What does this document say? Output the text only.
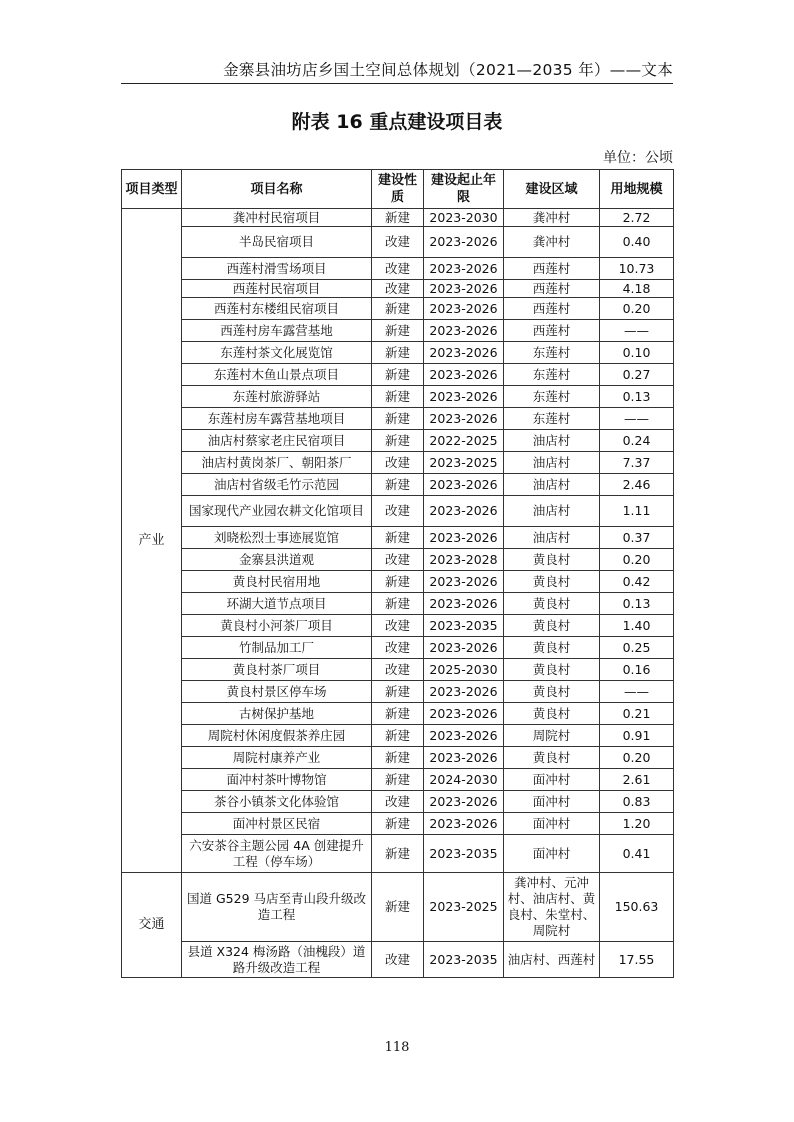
金寨县油坊店乡国土空间总体规划（2021—2035 年）——文本
附表 16 重点建设项目表
单位：公顷
项目类型	项目名称	建设性质	建设起止年限	建设区域	用地规模
产业	龚冲村民宿项目	新建	2023-2030	龚冲村	2.72
	半岛民宿项目	改建	2023-2026	龚冲村	0.40
	西莲村滑雪场项目	改建	2023-2026	西莲村	10.73
	西莲村民宿项目	改建	2023-2026	西莲村	4.18
	西莲村东楼组民宿项目	新建	2023-2026	西莲村	0.20
	西莲村房车露营基地	新建	2023-2026	西莲村	——
	东莲村茶文化展览馆	新建	2023-2026	东莲村	0.10
	东莲村木鱼山景点项目	新建	2023-2026	东莲村	0.27
	东莲村旅游驿站	新建	2023-2026	东莲村	0.13
	东莲村房车露营基地项目	新建	2023-2026	东莲村	——
	油店村蔡家老庄民宿项目	新建	2022-2025	油店村	0.24
	油店村黄岗茶厂、朝阳茶厂	改建	2023-2025	油店村	7.37
	油店村省级毛竹示范园	新建	2023-2026	油店村	2.46
	国家现代产业园农耕文化馆项目	改建	2023-2026	油店村	1.11
	刘晓松烈士事迹展览馆	新建	2023-2026	油店村	0.37
	金寨县洪道观	改建	2023-2028	黄良村	0.20
	黄良村民宿用地	新建	2023-2026	黄良村	0.42
	环湖大道节点项目	新建	2023-2026	黄良村	0.13
	黄良村小河茶厂项目	改建	2023-2035	黄良村	1.40
	竹制品加工厂	改建	2023-2026	黄良村	0.25
	黄良村茶厂项目	改建	2025-2030	黄良村	0.16
	黄良村景区停车场	新建	2023-2026	黄良村	——
	古树保护基地	新建	2023-2026	黄良村	0.21
	周院村休闲度假茶养庄园	新建	2023-2026	周院村	0.91
	周院村康养产业	新建	2023-2026	黄良村	0.20
	面冲村茶叶博物馆	新建	2024-2030	面冲村	2.61
	茶谷小镇茶文化体验馆	改建	2023-2026	面冲村	0.83
	面冲村景区民宿	新建	2023-2026	面冲村	1.20
	六安茶谷主题公园 4A 创建提升工程（停车场）	新建	2023-2035	面冲村	0.41
交通	国道 G529 马店至青山段升级改造工程	新建	2023-2025	龚冲村、元冲村、油店村、黄良村、朱堂村、周院村	150.63
	县道 X324 梅汤路（油槐段）道路升级改造工程	改建	2023-2035	油店村、西莲村	17.55
118
